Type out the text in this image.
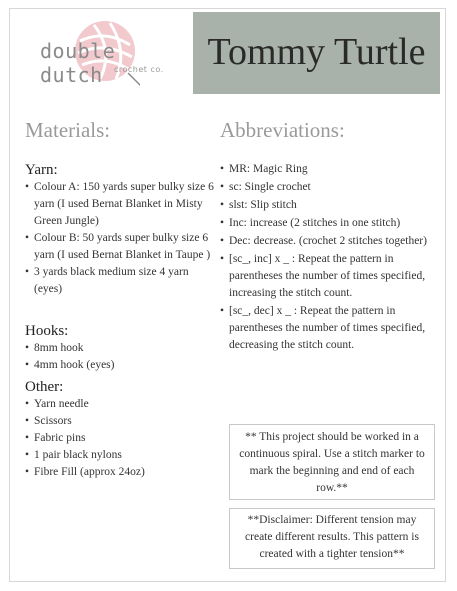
double dutch	crochet co.	Tommy Turtle
Materials:
Yarn:
• Colour A: 150 yards super bulky size 6 yarn (I used Bernat Blanket in Misty Green Jungle)
• Colour B: 50 yards super bulky size 6 yarn (I used Bernat Blanket in Taupe )
• 3 yards black medium size 4 yarn (eyes)
Hooks:
• 8mm hook
• 4mm hook (eyes)
Other:
• Yarn needle
• Scissors
• Fabric pins
• 1 pair black nylons
• Fibre Fill (approx 24oz)
Abbreviations:
• MR: Magic Ring
• sc: Single crochet
• slst: Slip stitch
• Inc: increase (2 stitches in one stitch)
• Dec: decrease. (crochet 2 stitches together)
• [sc_, inc] x _ : Repeat the pattern in parentheses the number of times specified, increasing the stitch count.
• [sc_, dec] x _ : Repeat the pattern in parentheses the number of times specified, decreasing the stitch count.
** This project should be worked in a continuous spiral. Use a stitch marker to mark the beginning and end of each row.**
**Disclaimer: Different tension may create different results. This pattern is created with a tighter tension**
